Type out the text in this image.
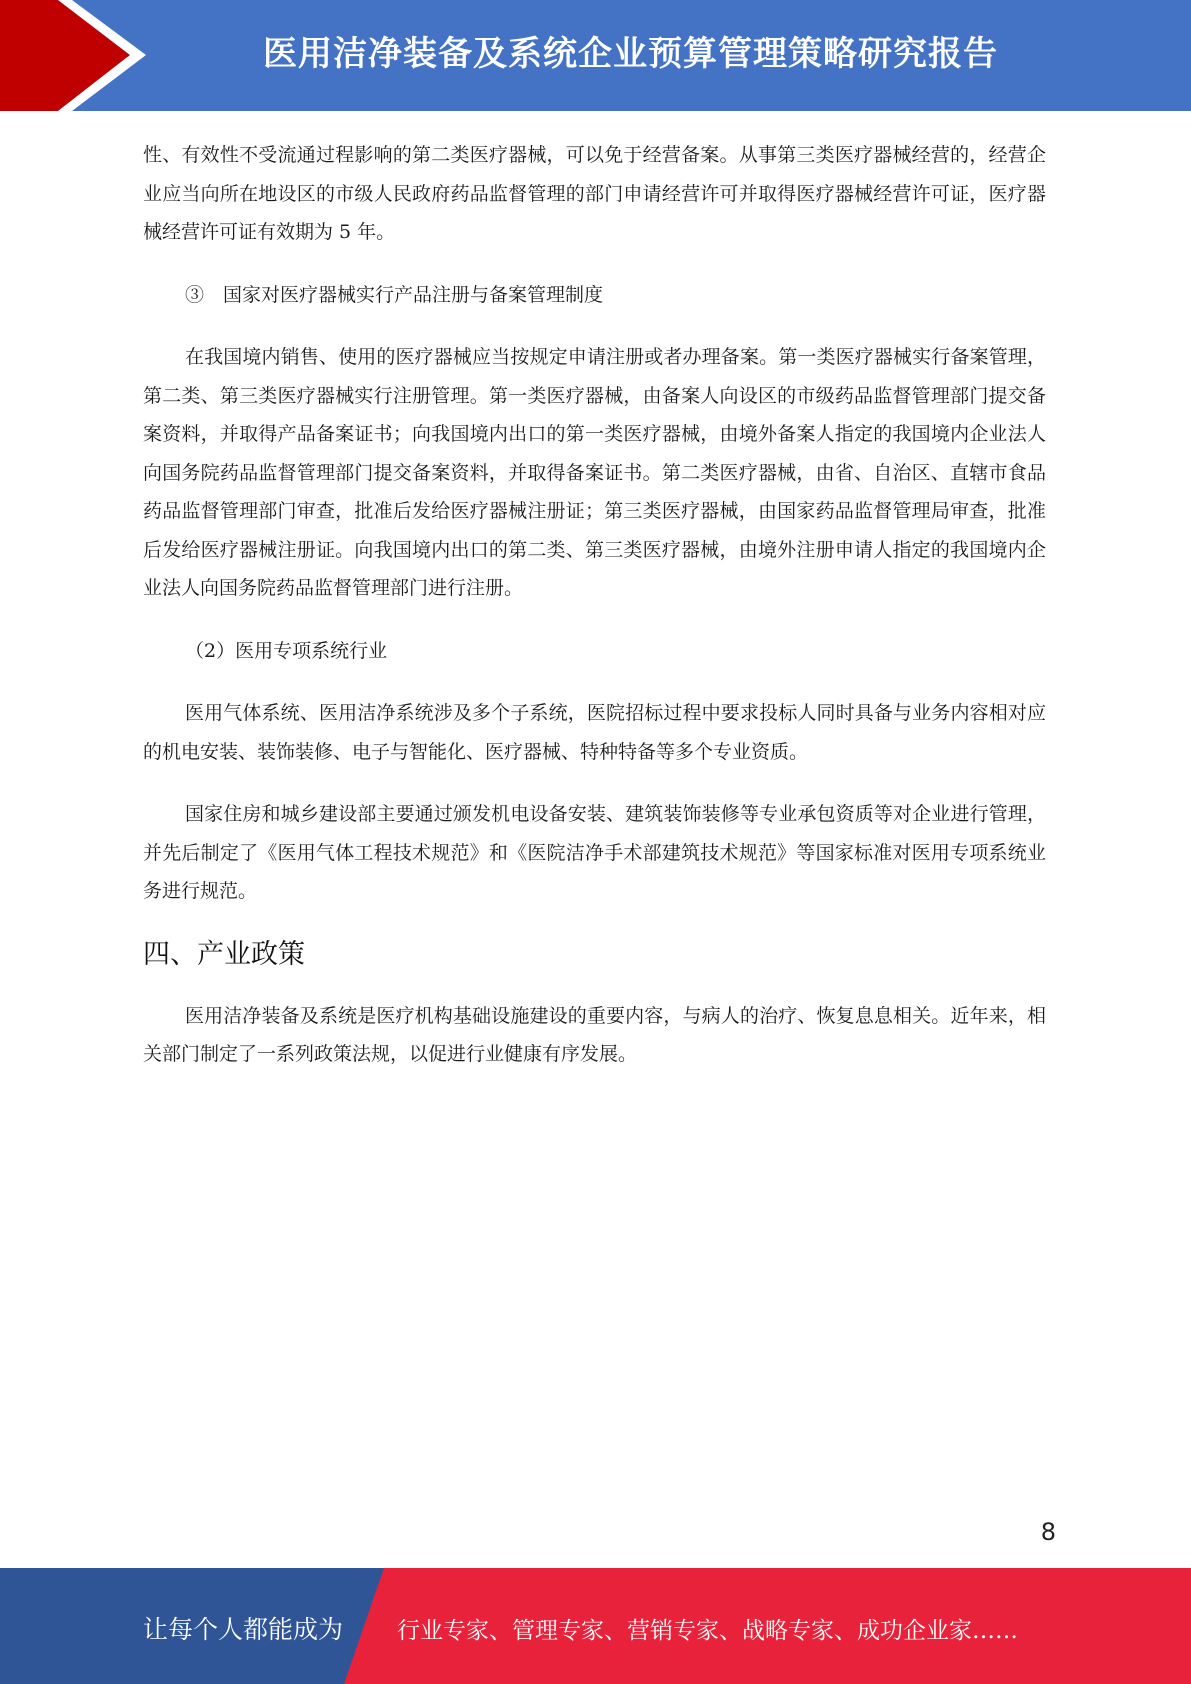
医用洁净装备及系统企业预算管理策略研究报告

性、有效性不受流通过程影响的第二类医疗器械，可以免于经营备案。从事第三类医疗器械经营的，经营企业应当向所在地设区的市级人民政府药品监督管理的部门申请经营许可并取得医疗器械经营许可证，医疗器械经营许可证有效期为 5 年。

③　国家对医疗器械实行产品注册与备案管理制度

在我国境内销售、使用的医疗器械应当按规定申请注册或者办理备案。第一类医疗器械实行备案管理，第二类、第三类医疗器械实行注册管理。第一类医疗器械，由备案人向设区的市级药品监督管理部门提交备案资料，并取得产品备案证书；向我国境内出口的第一类医疗器械，由境外备案人指定的我国境内企业法人向国务院药品监督管理部门提交备案资料，并取得备案证书。第二类医疗器械，由省、自治区、直辖市食品药品监督管理部门审查，批准后发给医疗器械注册证；第三类医疗器械，由国家药品监督管理局审查，批准后发给医疗器械注册证。向我国境内出口的第二类、第三类医疗器械，由境外注册申请人指定的我国境内企业法人向国务院药品监督管理部门进行注册。

（2）医用专项系统行业

医用气体系统、医用洁净系统涉及多个子系统，医院招标过程中要求投标人同时具备与业务内容相对应的机电安装、装饰装修、电子与智能化、医疗器械、特种特备等多个专业资质。

国家住房和城乡建设部主要通过颁发机电设备安装、建筑装饰装修等专业承包资质等对企业进行管理，并先后制定了《医用气体工程技术规范》和《医院洁净手术部建筑技术规范》等国家标准对医用专项系统业务进行规范。

四、产业政策

医用洁净装备及系统是医疗机构基础设施建设的重要内容，与病人的治疗、恢复息息相关。近年来，相关部门制定了一系列政策法规，以促进行业健康有序发展。

8
让每个人都能成为 行业专家、管理专家、营销专家、战略专家、成功企业家……
